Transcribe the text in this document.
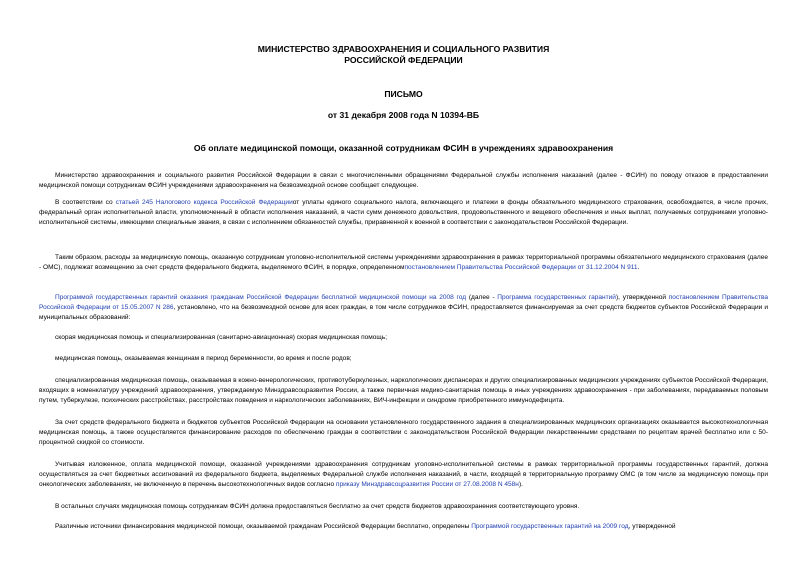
МИНИСТЕРСТВО ЗДРАВООХРАНЕНИЯ И СОЦИАЛЬНОГО РАЗВИТИЯ
РОССИЙСКОЙ ФЕДЕРАЦИИ
ПИСЬМО
от 31 декабря 2008 года N 10394-ВБ
Об оплате медицинской помощи, оказанной сотрудникам ФСИН в учреждениях здравоохранения

Министерство здравоохранения и социального развития Российской Федерации в связи с многочисленными обращениями Федеральной службы исполнения наказаний (далее - ФСИН) по поводу отказов в предоставлении медицинской помощи сотрудникам ФСИН учреждениями здравоохранения на безвозмездной основе сообщает следующее.

В соответствии со статьей 245 Налогового кодекса Российской Федерацииот уплаты единого социального налога, включающего и платежи в фонды обязательного медицинского страхования, освобождается, в числе прочих, федеральный орган исполнительной власти, уполномоченный в области исполнения наказаний, в части сумм денежного довольствия, продовольственного и вещевого обеспечения и иных выплат, получаемых сотрудниками уголовно-исполнительной системы, имеющими специальные звания, в связи с исполнением обязанностей службы, приравненной к военной в соответствии с законодательством Российской Федерации.

Таким образом, расходы за медицинскую помощь, оказанную сотрудникам уголовно-исполнительной системы учреждениями здравоохранения в рамках территориальной программы обязательного медицинского страхования (далее - ОМС), подлежат возмещению за счет средств федерального бюджета, выделяемого ФСИН, в порядке, определенномпостановлением Правительства Российской Федерации от 31.12.2004 N 911.

Программой государственных гарантий оказания гражданам Российской Федерации бесплатной медицинской помощи на 2008 год (далее - Программа государственных гарантий), утвержденной постановлением Правительства Российской Федерации от 15.05.2007 N 286, установлено, что на безвозмездной основе для всех граждан, в том числе сотрудников ФСИН, предоставляется финансируемая за счет средств бюджетов субъектов Российской Федерации и муниципальных образований:

скорая медицинская помощь и специализированная (санитарно-авиационная) скорая медицинская помощь;

медицинская помощь, оказываемая женщинам в период беременности, во время и после родов;

специализированная медицинская помощь, оказываемая в кожно-венерологических, противотуберкулезных, наркологических диспансерах и других специализированных медицинских учреждениях субъектов Российской Федерации, входящих в номенклатуру учреждений здравоохранения, утверждаемую Минздравсоцразвития России, а также первичная медико-санитарная помощь в иных учреждениях здравоохранения - при заболеваниях, передаваемых половым путем, туберкулезе, психических расстройствах, расстройствах поведения и наркологических заболеваниях, ВИЧ-инфекции и синдроме приобретенного иммунодефицита.

За счет средств федерального бюджета и бюджетов субъектов Российской Федерации на основании установленного государственного задания в специализированных медицинских организациях оказывается высокотехнологичная медицинская помощь, а также осуществляется финансирование расходов по обеспечению граждан в соответствии с законодательством Российской Федерации лекарственными средствами по рецептам врачей бесплатно или с 50-процентной скидкой со стоимости.

Учитывая изложенное, оплата медицинской помощи, оказанной учреждениями здравоохранения сотрудникам уголовно-исполнительной системы в рамках территориальной программы государственных гарантий, должна осуществляться за счет бюджетных ассигнований из федерального бюджета, выделяемых Федеральной службе исполнения наказаний, в части, входящей в территориальную программу ОМС (в том числе за медицинскую помощь при онкологических заболеваниях, не включенную в перечень высокотехнологичных видов согласно приказу Минздравсоцразвития России от 27.08.2008 N 458н).

В остальных случаях медицинская помощь сотрудникам ФСИН должна предоставляться бесплатно за счет средств бюджетов здравоохранения соответствующего уровня.

Различные источники финансирования медицинской помощи, оказываемой гражданам Российской Федерации бесплатно, определены Программой государственных гарантий на 2009 год, утвержденной
